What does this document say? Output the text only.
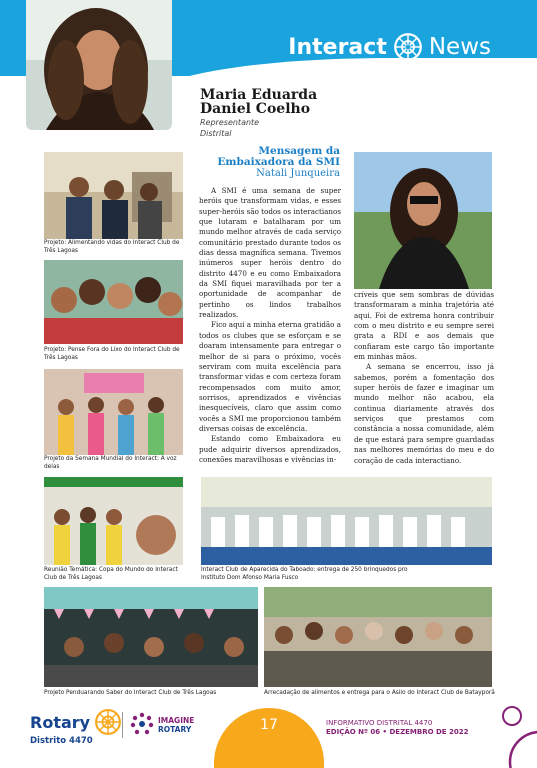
Interact News
Maria Eduarda
Daniel Coelho
Representante
Distrital
Projeto: Alimentando vidas do Interact Club de Três Lagoas
Projeto: Pense Fora do Lixo do Interact Club de Três Lagoas
Projeto da Semana Mundial do Interact: A voz delas
Mensagem da
Embaixadora da SMI
Natali Junqueira

A SMI é uma semana de super heróis que transformam vidas, e esses super-heróis são todos os interactianos que lutaram e batalharam por um mundo melhor através de cada serviço comunitário prestado durante todos os dias dessa magnífica semana. Tivemos inúmeros super heróis dentro do distrito 4470 e eu como Embaixadora da SMI fiquei maravilhada por ter a oportunidade de acompanhar de pertinho os lindos trabalhos realizados.

Fico aqui a minha eterna gratidão a todos os clubes que se esforçam e se doaram intensamente para entregar o melhor de si para o próximo, vocês serviram com muita excelência para transformar vidas e com certeza foram recompensados com muito amor, sorrisos, aprendizados e vivências inesquecíveis, claro que assim como vocês a SMI me proporcionou também diversas coisas de excelência.

Estando como Embaixadora eu pude adquirir diversos aprendizados, conexões maravilhosas e vivências in-

críveis que sem sombras de dúvidas transformaram a minha trajetória até aqui. Foi de extrema honra contribuir com o meu distrito e eu sempre serei grata a RDI e aos demais que confiaram este cargo tão importante em minhas mãos.

A semana se encerrou, isso já sabemos, porém a fomentação dos super heróis de fazer e imaginar um mundo melhor não acabou, ela continua diariamente através dos serviços que prestamos com constância a nossa comunidade, além de que estará para sempre guardadas nas melhores memórias do meu e do coração de cada interactiano.

Reunião Temática: Copa do Mundo do Interact Club de Três Lagoas
Interact Club de Aparecida do Taboado: entrega de 250 brinquedos pro Instituto Dom Afonso Maria Fusco
Projeto Penduarando Saber do Interact Club de Três Lagoas	Arrecadação de alimentos e entrega para o Asilo do Interact Club de Batayporã
Rotary
Distrito 4470
IMAGINE
ROTARY	17	INFORMATIVO DISTRITAL 4470
EDIÇÃO Nº 06 • DEZEMBRO DE 2022
